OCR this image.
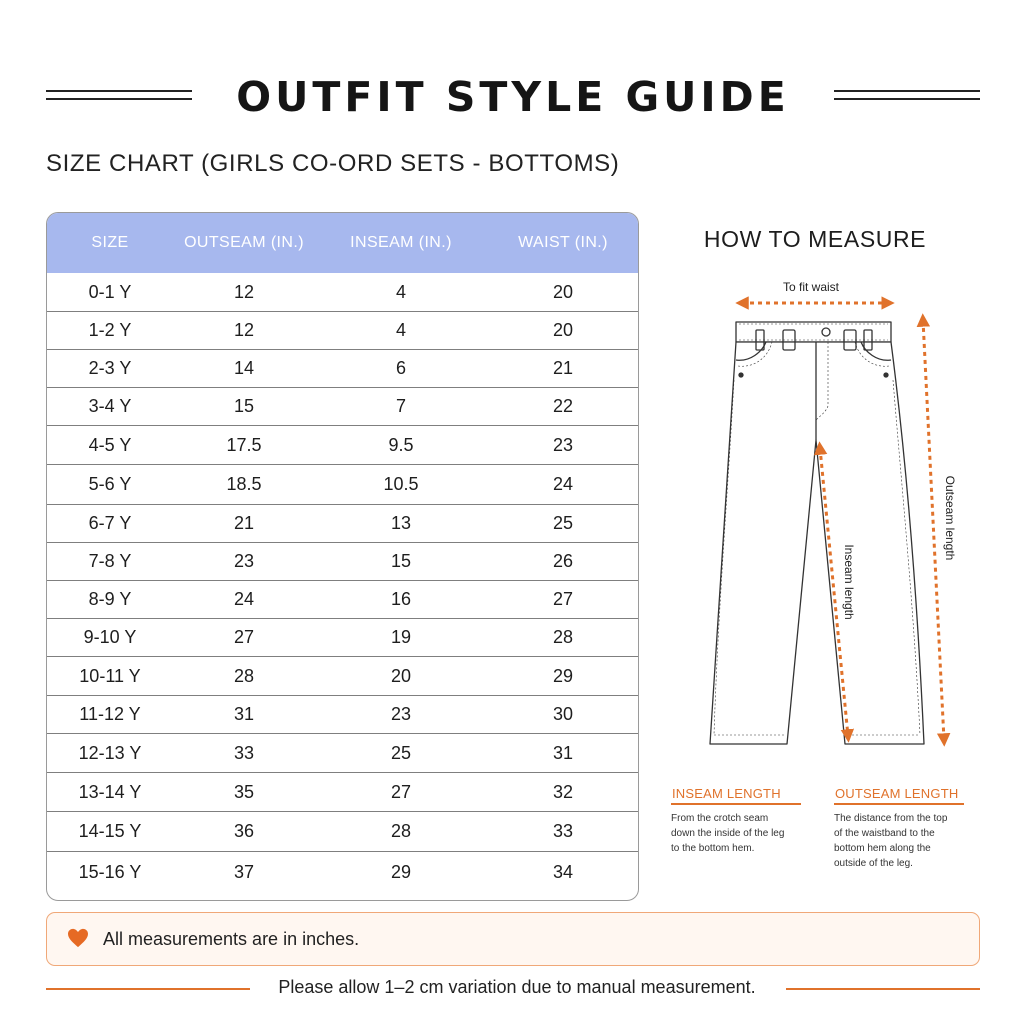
OUTFIT STYLE GUIDE
SIZE CHART (GIRLS CO-ORD SETS - BOTTOMS)
SIZE	OUTSEAM (IN.)	INSEAM (IN.)	WAIST (IN.)
0-1 Y	12	4	20
1-2 Y	12	4	20
2-3 Y	14	6	21
3-4 Y	15	7	22
4-5 Y	17.5	9.5	23
5-6 Y	18.5	10.5	24
6-7 Y	21	13	25
7-8 Y	23	15	26
8-9 Y	24	16	27
9-10 Y	27	19	28
10-11 Y	28	20	29
11-12 Y	31	23	30
12-13 Y	33	25	31
13-14 Y	35	27	32
14-15 Y	36	28	33
15-16 Y	37	29	34
HOW TO MEASURE
To fit waist
Inseam length
Outseam length
INSEAM LENGTH
From the crotch seam
down the inside of the leg
to the bottom hem.
OUTSEAM LENGTH
The distance from the top
of the waistband to the
bottom hem along the
outside of the leg.
All measurements are in inches.
Please allow 1–2 cm variation due to manual measurement.
